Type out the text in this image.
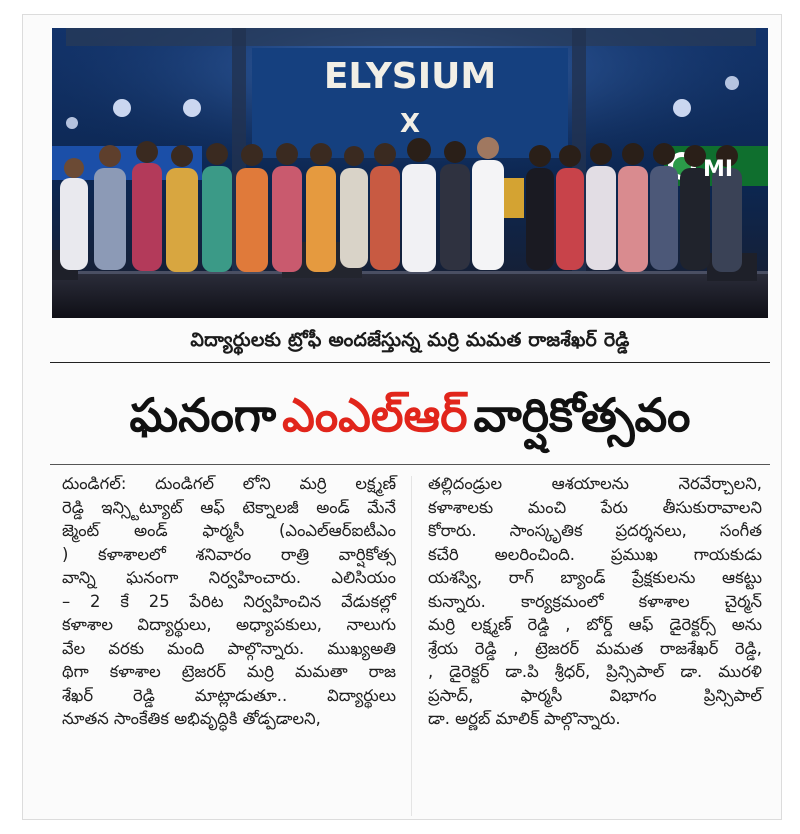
ELYSIUM
X
MI
విద్యార్థులకు ట్రోఫీ అందజేస్తున్న మర్రి మమత రాజశేఖర్ రెడ్డి
ఘనంగా ఎంఎల్ఆర్ వార్షికోత్సవం

దుండిగల్: దుండిగల్ లోని మర్రి లక్ష్మణ్
రెడ్డి ఇన్స్టిట్యూట్ ఆఫ్ టెక్నాలజీ అండ్ మేనే
జ్మెంట్ అండ్ ఫార్మసీ (ఎంఎల్ఆర్ఐటీఎం
) కళాశాలలో శనివారం రాత్రి వార్షికోత్స
వాన్ని ఘనంగా నిర్వహించారు. ఎలిసియం
– 2 కే 25 పేరిట నిర్వహించిన వేడుకల్లో
కళాశాల విద్యార్థులు, అధ్యాపకులు, నాలుగు
వేల వరకు మంది పాల్గొన్నారు. ముఖ్యఅతి
థిగా కళాశాల ట్రెజరర్ మర్రి మమతా రాజ
శేఖర్ రెడ్డి మాట్లాడుతూ.. విద్యార్థులు
నూతన సాంకేతిక అభివృద్ధికి తోడ్పడాలని,

తల్లిదండ్రుల ఆశయాలను నెరవేర్చాలని,
కళాశాలకు మంచి పేరు తీసుకురావాలని
కోరారు. సాంస్కృతిక ప్రదర్శనలు, సంగీత
కచేరి అలరించింది. ప్రముఖ గాయకుడు
యశస్వి, రాగ్ బ్యాండ్ ప్రేక్షకులను ఆకట్టు
కున్నారు. కార్యక్రమంలో కళాశాల చైర్మన్
మర్రి లక్ష్మణ్ రెడ్డి , బోర్డ్ ఆఫ్ డైరెక్టర్స్ అను
శ్రేయ రెడ్డి , ట్రెజరర్ మమత రాజశేఖర్ రెడ్డి,
, డైరెక్టర్ డా.పి శ్రీధర్, ప్రిన్సిపాల్ డా. మురళి
ప్రసాద్, ఫార్మసీ విభాగం ప్రిన్సిపాల్
డా. అర్ణబ్ మాలిక్ పాల్గొన్నారు.
